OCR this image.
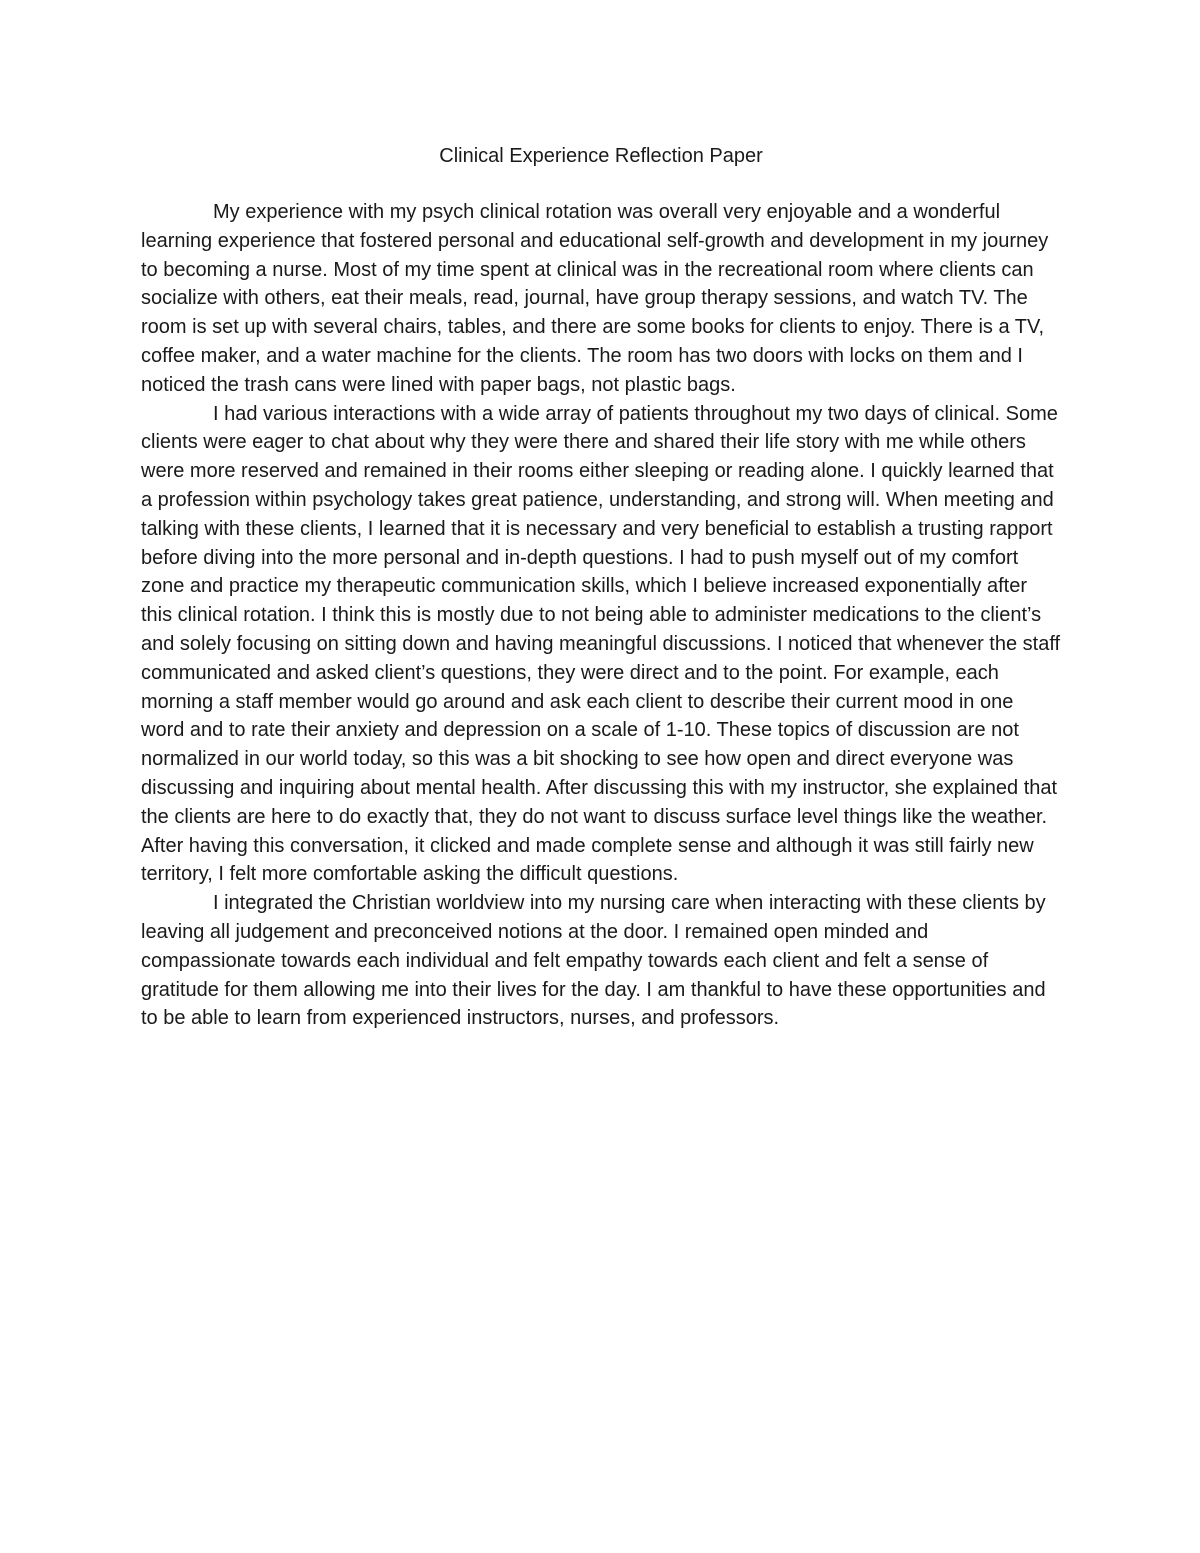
Clinical Experience Reflection Paper

My experience with my psych clinical rotation was overall very enjoyable and a wonderful learning experience that fostered personal and educational self-growth and development in my journey to becoming a nurse. Most of my time spent at clinical was in the recreational room where clients can socialize with others, eat their meals, read, journal, have group therapy sessions, and watch TV. The room is set up with several chairs, tables, and there are some books for clients to enjoy. There is a TV, coffee maker, and a water machine for the clients. The room has two doors with locks on them and I noticed the trash cans were lined with paper bags, not plastic bags.

I had various interactions with a wide array of patients throughout my two days of clinical. Some clients were eager to chat about why they were there and shared their life story with me while others were more reserved and remained in their rooms either sleeping or reading alone. I quickly learned that a profession within psychology takes great patience, understanding, and strong will. When meeting and talking with these clients, I learned that it is necessary and very beneficial to establish a trusting rapport before diving into the more personal and in-depth questions. I had to push myself out of my comfort zone and practice my therapeutic communication skills, which I believe increased exponentially after this clinical rotation. I think this is mostly due to not being able to administer medications to the client’s and solely focusing on sitting down and having meaningful discussions. I noticed that whenever the staff communicated and asked client’s questions, they were direct and to the point. For example, each morning a staff member would go around and ask each client to describe their current mood in one word and to rate their anxiety and depression on a scale of 1-10. These topics of discussion are not normalized in our world today, so this was a bit shocking to see how open and direct everyone was discussing and inquiring about mental health. After discussing this with my instructor, she explained that the clients are here to do exactly that, they do not want to discuss surface level things like the weather. After having this conversation, it clicked and made complete sense and although it was still fairly new territory, I felt more comfortable asking the difficult questions.

I integrated the Christian worldview into my nursing care when interacting with these clients by leaving all judgement and preconceived notions at the door. I remained open minded and compassionate towards each individual and felt empathy towards each client and felt a sense of gratitude for them allowing me into their lives for the day. I am thankful to have these opportunities and to be able to learn from experienced instructors, nurses, and professors.
